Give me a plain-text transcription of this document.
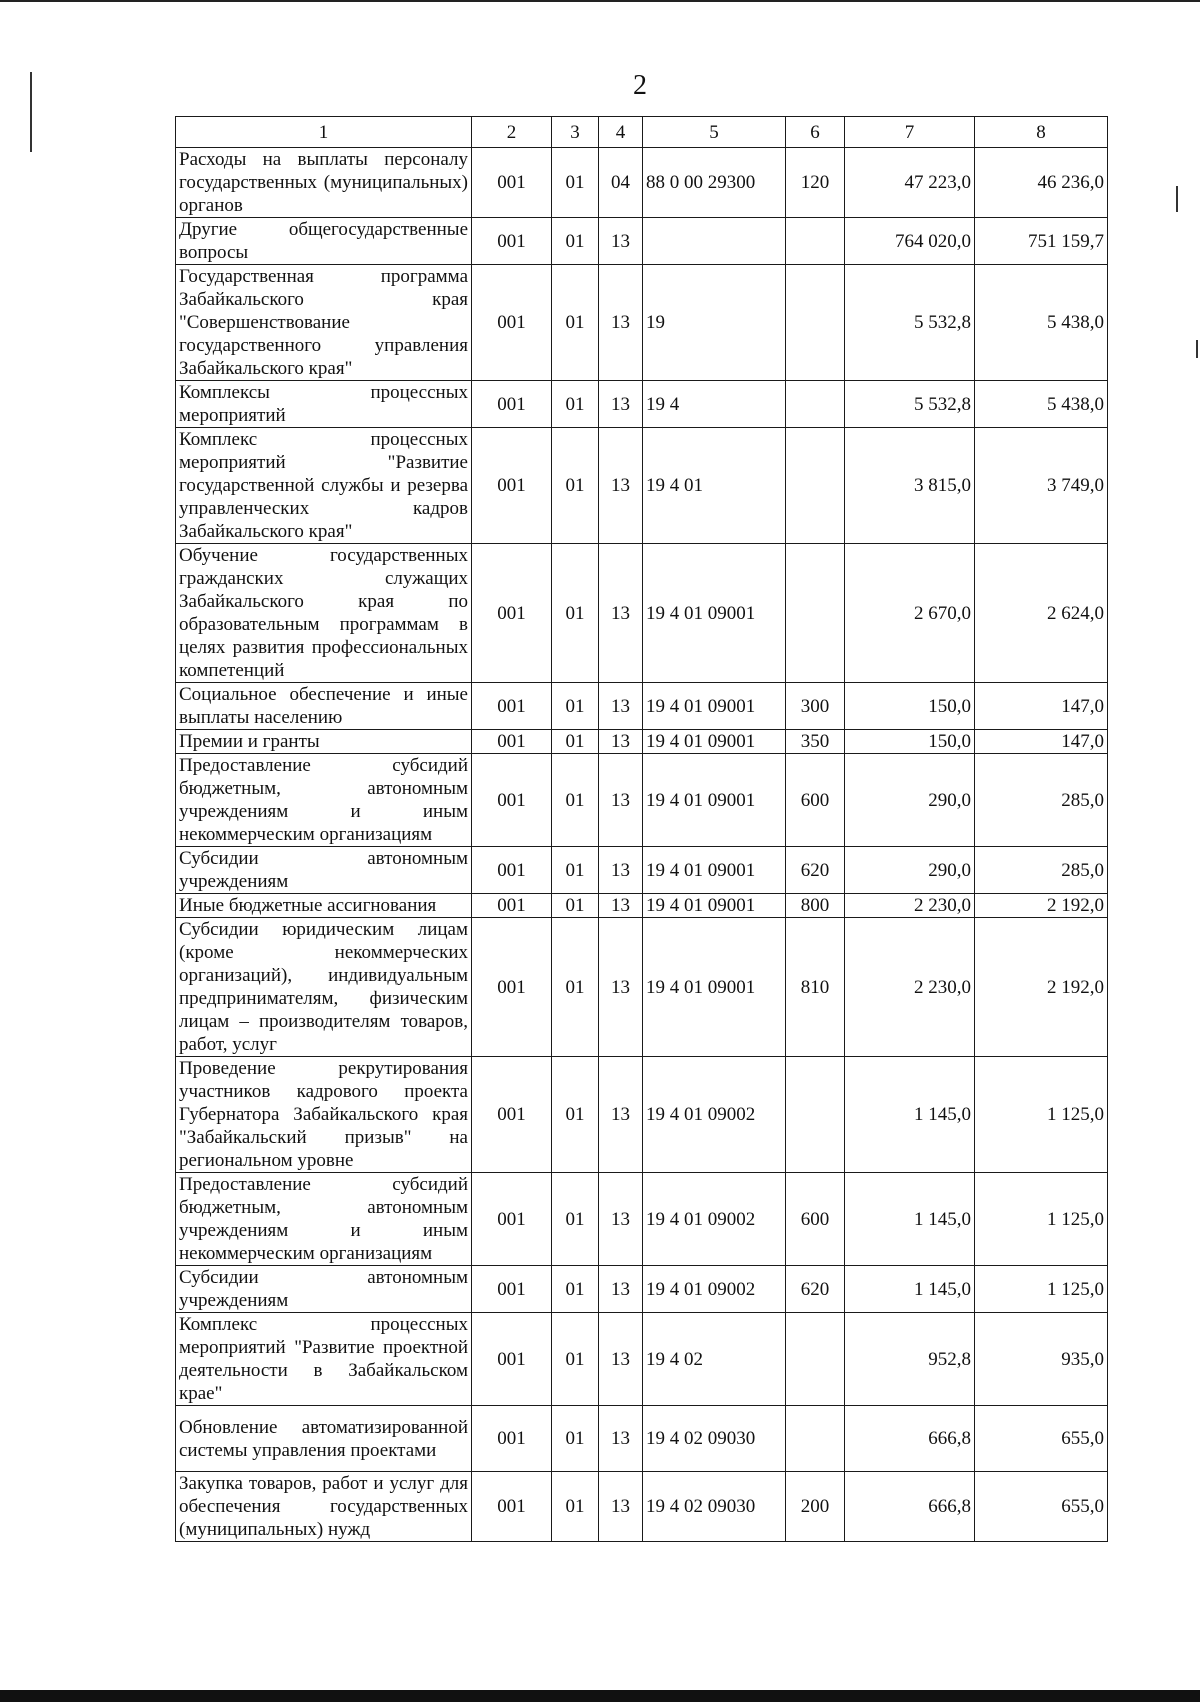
2
1	2	3	4	5	6	7	8
Расходы на выплаты персоналу государственных (муниципальных) органов	001	01	04	88 0 00 29300	120	47 223,0	46 236,0
Другие общегосударственные вопросы	001	01	13			764 020,0	751 159,7
Государственная программа Забайкальского края "Совершенствование государственного управления Забайкальского края"	001	01	13	19		5 532,8	5 438,0
Комплексы процессных мероприятий	001	01	13	19 4		5 532,8	5 438,0
Комплекс процессных мероприятий "Развитие государственной службы и резерва управленческих кадров Забайкальского края"	001	01	13	19 4 01		3 815,0	3 749,0
Обучение государственных гражданских служащих Забайкальского края по образовательным программам в целях развития профессиональных компетенций	001	01	13	19 4 01 09001		2 670,0	2 624,0
Социальное обеспечение и иные выплаты населению	001	01	13	19 4 01 09001	300	150,0	147,0
Премии и гранты	001	01	13	19 4 01 09001	350	150,0	147,0
Предоставление субсидий бюджетным, автономным учреждениям и иным некоммерческим организациям	001	01	13	19 4 01 09001	600	290,0	285,0
Субсидии автономным учреждениям	001	01	13	19 4 01 09001	620	290,0	285,0
Иные бюджетные ассигнования	001	01	13	19 4 01 09001	800	2 230,0	2 192,0
Субсидии юридическим лицам (кроме некоммерческих организаций), индивидуальным предпринимателям, физическим лицам – производителям товаров, работ, услуг	001	01	13	19 4 01 09001	810	2 230,0	2 192,0
Проведение рекрутирования участников кадрового проекта Губернатора Забайкальского края "Забайкальский призыв" на региональном уровне	001	01	13	19 4 01 09002		1 145,0	1 125,0
Предоставление субсидий бюджетным, автономным учреждениям и иным некоммерческим организациям	001	01	13	19 4 01 09002	600	1 145,0	1 125,0
Субсидии автономным учреждениям	001	01	13	19 4 01 09002	620	1 145,0	1 125,0
Комплекс процессных мероприятий "Развитие проектной деятельности в Забайкальском крае"	001	01	13	19 4 02		952,8	935,0
Обновление автоматизированной системы управления проектами	001	01	13	19 4 02 09030		666,8	655,0
Закупка товаров, работ и услуг для обеспечения государственных (муниципальных) нужд	001	01	13	19 4 02 09030	200	666,8	655,0
